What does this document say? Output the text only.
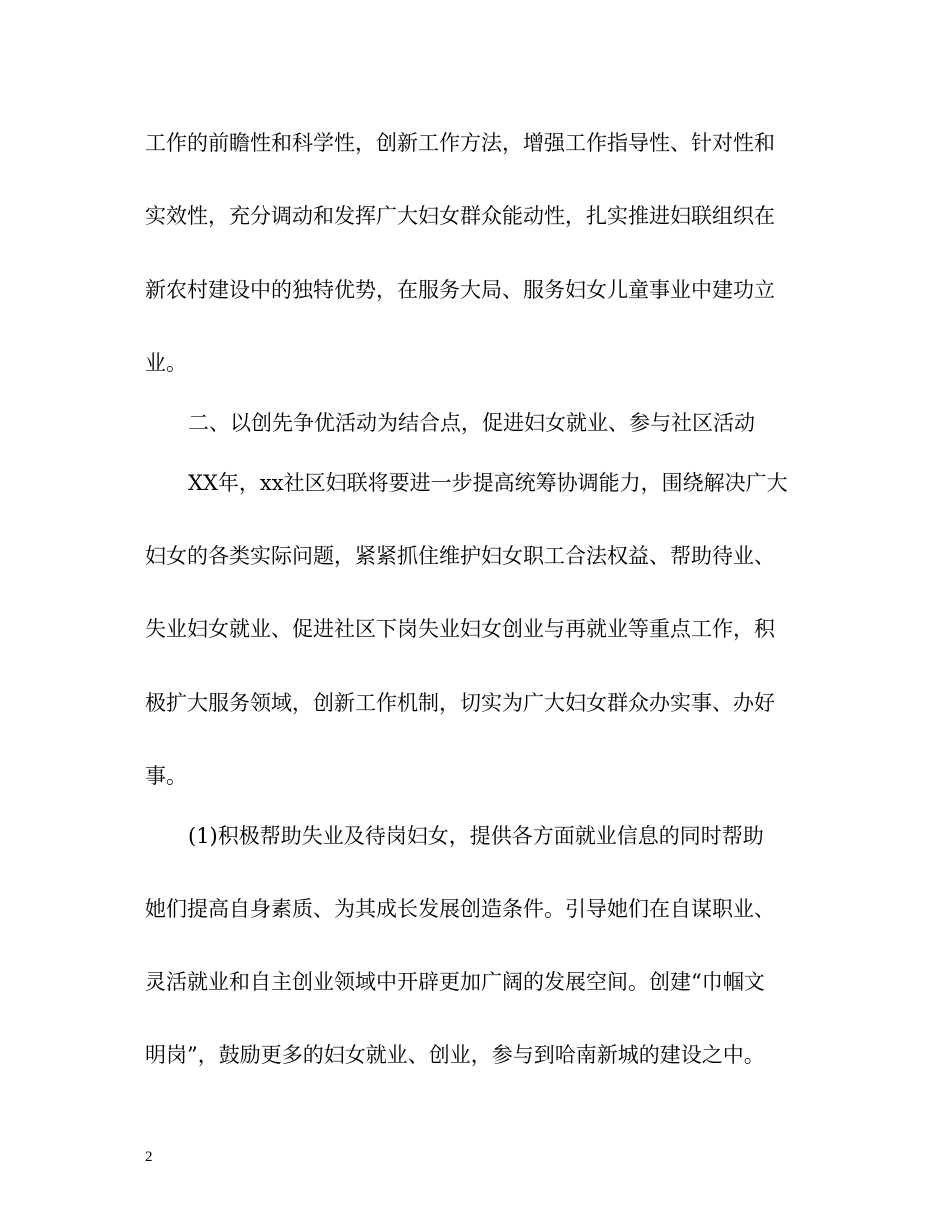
工作的前瞻性和科学性，创新工作方法，增强工作指导性、针对性和
实效性，充分调动和发挥广大妇女群众能动性，扎实推进妇联组织在
新农村建设中的独特优势，在服务大局、服务妇女儿童事业中建功立
业。
二、以创先争优活动为结合点，促进妇女就业、参与社区活动
XX年，xx社区妇联将要进一步提高统筹协调能力，围绕解决广大
妇女的各类实际问题，紧紧抓住维护妇女职工合法权益、帮助待业、
失业妇女就业、促进社区下岗失业妇女创业与再就业等重点工作，积
极扩大服务领域，创新工作机制，切实为广大妇女群众办实事、办好
事。
(1)积极帮助失业及待岗妇女，提供各方面就业信息的同时帮助
她们提高自身素质、为其成长发展创造条件。引导她们在自谋职业、
灵活就业和自主创业领域中开辟更加广阔的发展空间。创建“巾帼文
明岗”，鼓励更多的妇女就业、创业，参与到哈南新城的建设之中。
2
